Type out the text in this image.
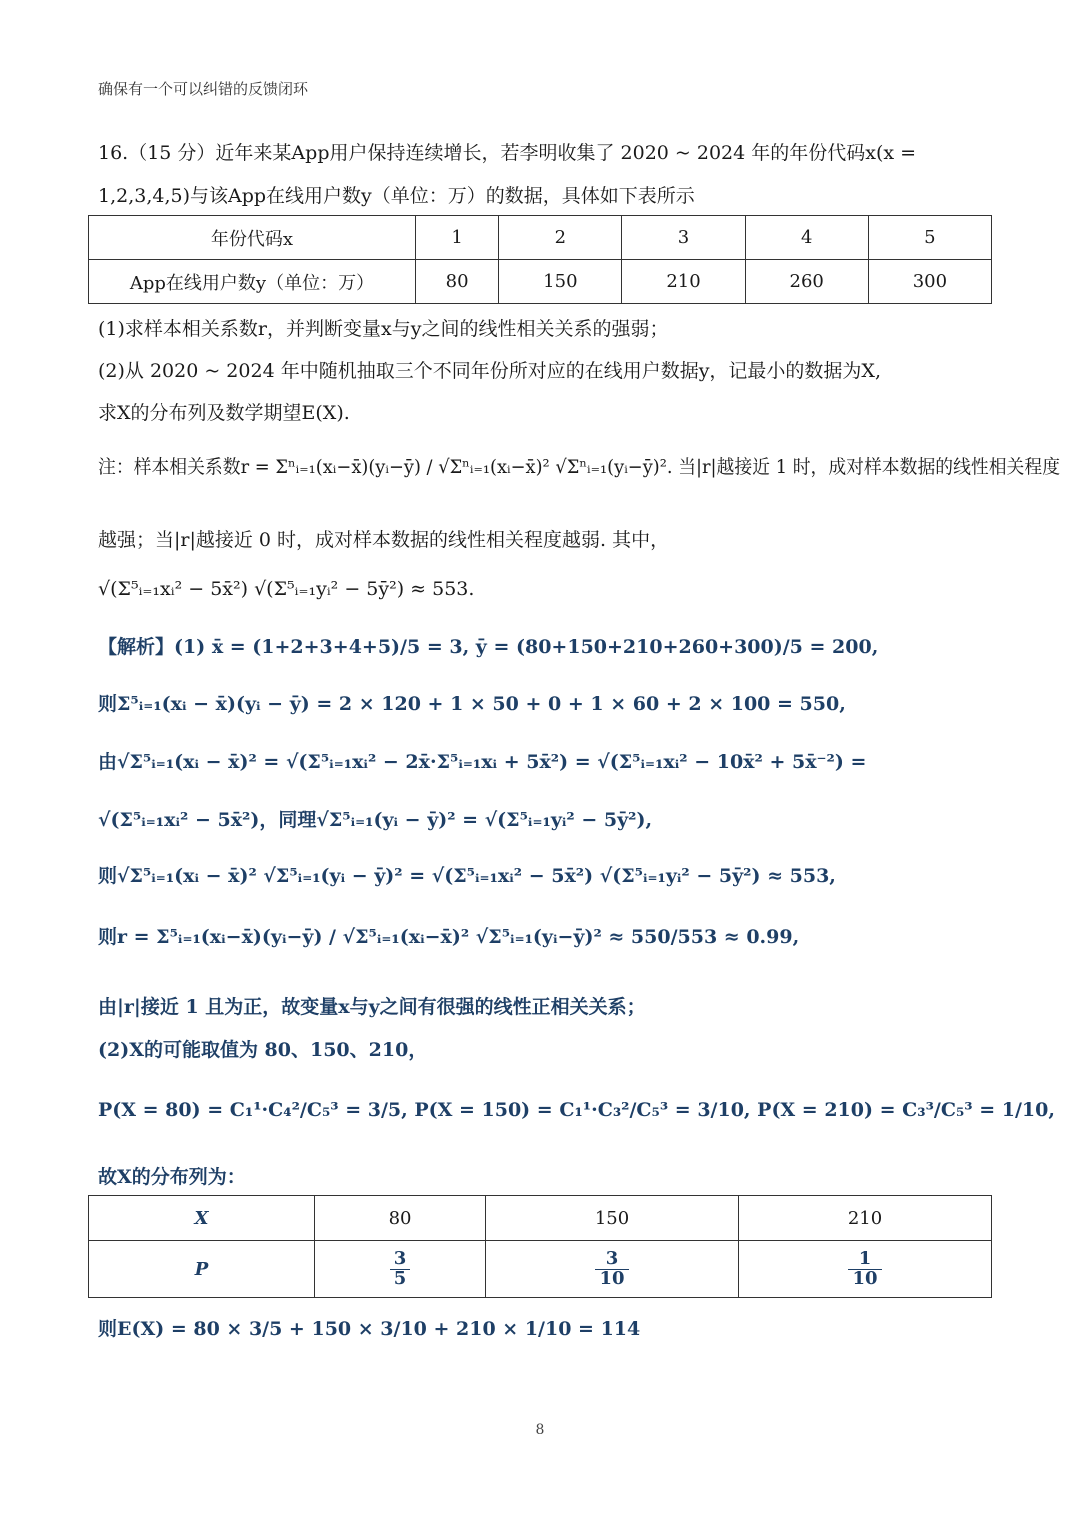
确保有一个可以纠错的反馈闭环
16.（15 分）近年来某App用户保持连续增长，若李明收集了 2020 ~ 2024 年的年份代码x(x =
1,2,3,4,5)与该App在线用户数y（单位：万）的数据，具体如下表所示
年份代码x	1	2	3	4	5
App在线用户数y（单位：万）	80	150	210	260	300
(1)求样本相关系数r，并判断变量x与y之间的线性相关关系的强弱；
(2)从 2020 ~ 2024 年中随机抽取三个不同年份所对应的在线用户数据y，记最小的数据为X,
求X的分布列及数学期望E(X).
注：样本相关系数r = Σⁿᵢ₌₁(xᵢ−x̄)(yᵢ−ȳ) / √Σⁿᵢ₌₁(xᵢ−x̄)² √Σⁿᵢ₌₁(yᵢ−ȳ)². 当|r|越接近 1 时，成对样本数据的线性相关程度
越强；当|r|越接近 0 时，成对样本数据的线性相关程度越弱. 其中，
√(Σ⁵ᵢ₌₁xᵢ² − 5x̄²) √(Σ⁵ᵢ₌₁yᵢ² − 5ȳ²) ≈ 553.
【解析】(1) x̄ = (1+2+3+4+5)/5 = 3, ȳ = (80+150+210+260+300)/5 = 200,
则Σ⁵ᵢ₌₁(xᵢ − x̄)(yᵢ − ȳ) = 2 × 120 + 1 × 50 + 0 + 1 × 60 + 2 × 100 = 550,
由√Σ⁵ᵢ₌₁(xᵢ − x̄)² = √(Σ⁵ᵢ₌₁xᵢ² − 2x̄·Σ⁵ᵢ₌₁xᵢ + 5x̄²) = √(Σ⁵ᵢ₌₁xᵢ² − 10x̄² + 5x̄⁻²) =
√(Σ⁵ᵢ₌₁xᵢ² − 5x̄²)，同理√Σ⁵ᵢ₌₁(yᵢ − ȳ)² = √(Σ⁵ᵢ₌₁yᵢ² − 5ȳ²),
则√Σ⁵ᵢ₌₁(xᵢ − x̄)² √Σ⁵ᵢ₌₁(yᵢ − ȳ)² = √(Σ⁵ᵢ₌₁xᵢ² − 5x̄²) √(Σ⁵ᵢ₌₁yᵢ² − 5ȳ²) ≈ 553,
则r = Σ⁵ᵢ₌₁(xᵢ−x̄)(yᵢ−ȳ) / √Σ⁵ᵢ₌₁(xᵢ−x̄)² √Σ⁵ᵢ₌₁(yᵢ−ȳ)² ≈ 550/553 ≈ 0.99,
由|r|接近 1 且为正，故变量x与y之间有很强的线性正相关关系；
(2)X的可能取值为 80、150、210，
P(X = 80) = C₁¹·C₄²/C₅³ = 3/5, P(X = 150) = C₁¹·C₃²/C₅³ = 3/10, P(X = 210) = C₃³/C₅³ = 1/10,
故X的分布列为：
X	80	150	210
P	$\frac{3}{5}$	$\frac{3}{10}$	$\frac{1}{10}$
则E(X) = 80 × 3/5 + 150 × 3/10 + 210 × 1/10 = 114
8
